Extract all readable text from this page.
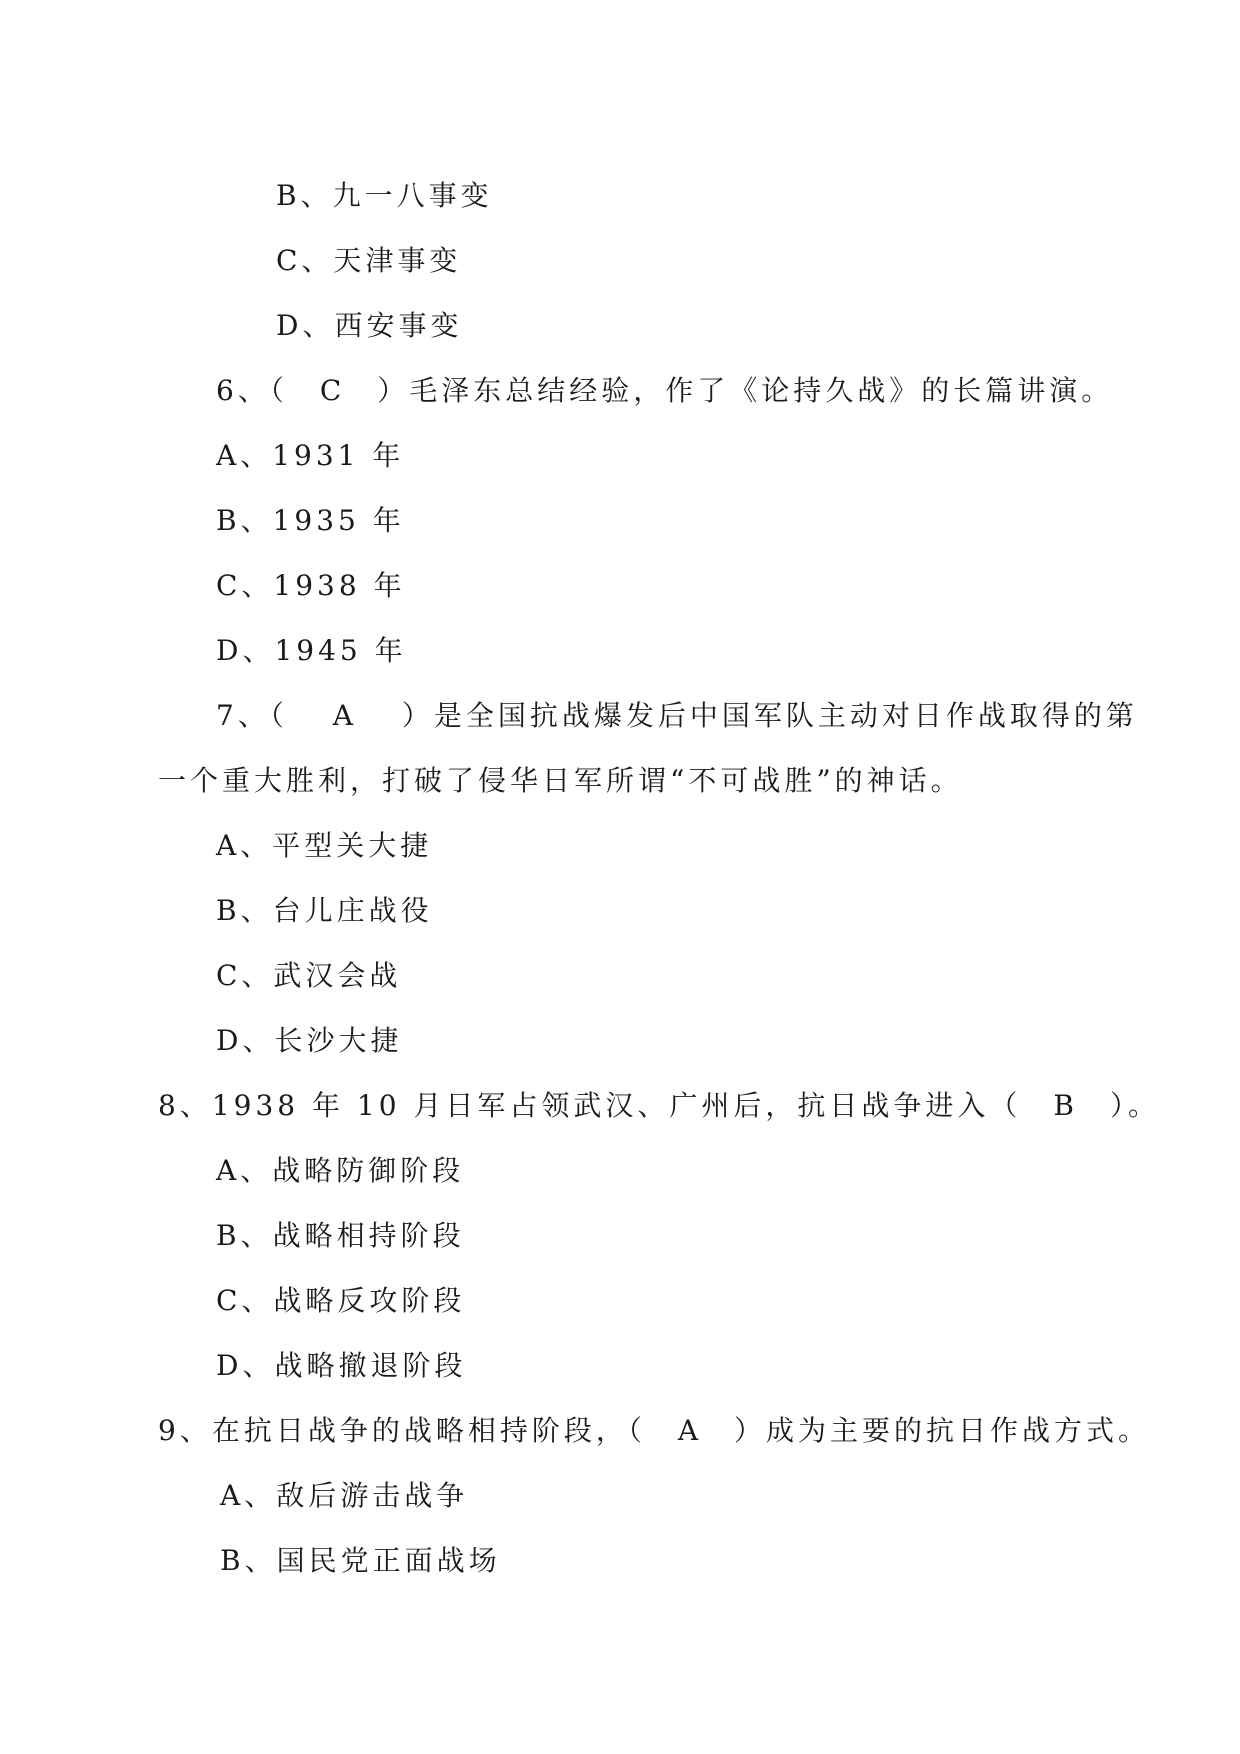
B、九一八事变
C、天津事变
D、西安事变
6、（　C　）毛泽东总结经验，作了《论持久战》的长篇讲演。
A、1931 年
B、1935 年
C、1938 年
D、1945 年
7、（　 A　 ）是全国抗战爆发后中国军队主动对日作战取得的第
一个重大胜利，打破了侵华日军所谓“不可战胜”的神话。
A、平型关大捷
B、台儿庄战役
C、武汉会战
D、长沙大捷
8、1938 年 10 月日军占领武汉、广州后，抗日战争进入（　B　）。
A、战略防御阶段
B、战略相持阶段
C、战略反攻阶段
D、战略撤退阶段
9、在抗日战争的战略相持阶段，（　A　）成为主要的抗日作战方式。
A、敌后游击战争
B、国民党正面战场
